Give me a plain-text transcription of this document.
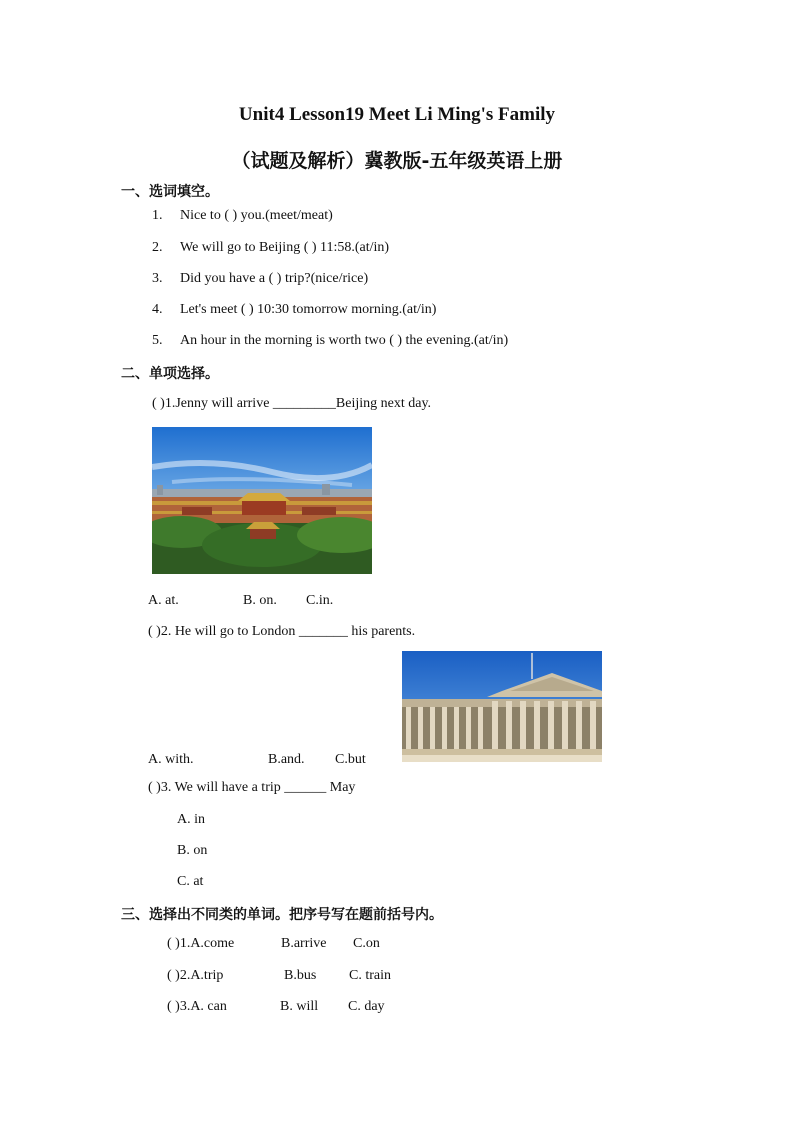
Unit4 Lesson19 Meet Li Ming's Family
（试题及解析）冀教版-五年级英语上册
一、选词填空。
1. Nice to ( ) you.(meet/meat)
2. We will go to Beijing ( ) 11:58.(at/in)
3. Did you have a ( ) trip?(nice/rice)
4. Let's meet ( ) 10:30 tomorrow morning.(at/in)
5. An hour in the morning is worth two ( ) the evening.(at/in)
二、单项选择。
( )1.Jenny will arrive _________Beijing next day.
A. at.	B. on. C.in.
( )2. He will go to London _______ his parents.
A. with.	B.and. C.but
( )3. We will have a trip ______ May
A. in
B. on
C. at
三、选择出不同类的单词。把序号写在题前括号内。
( )1.A.come	B.arrive C.on
( )2.A.trip	B.bus C. train
( )3.A. can	B. will C. day
